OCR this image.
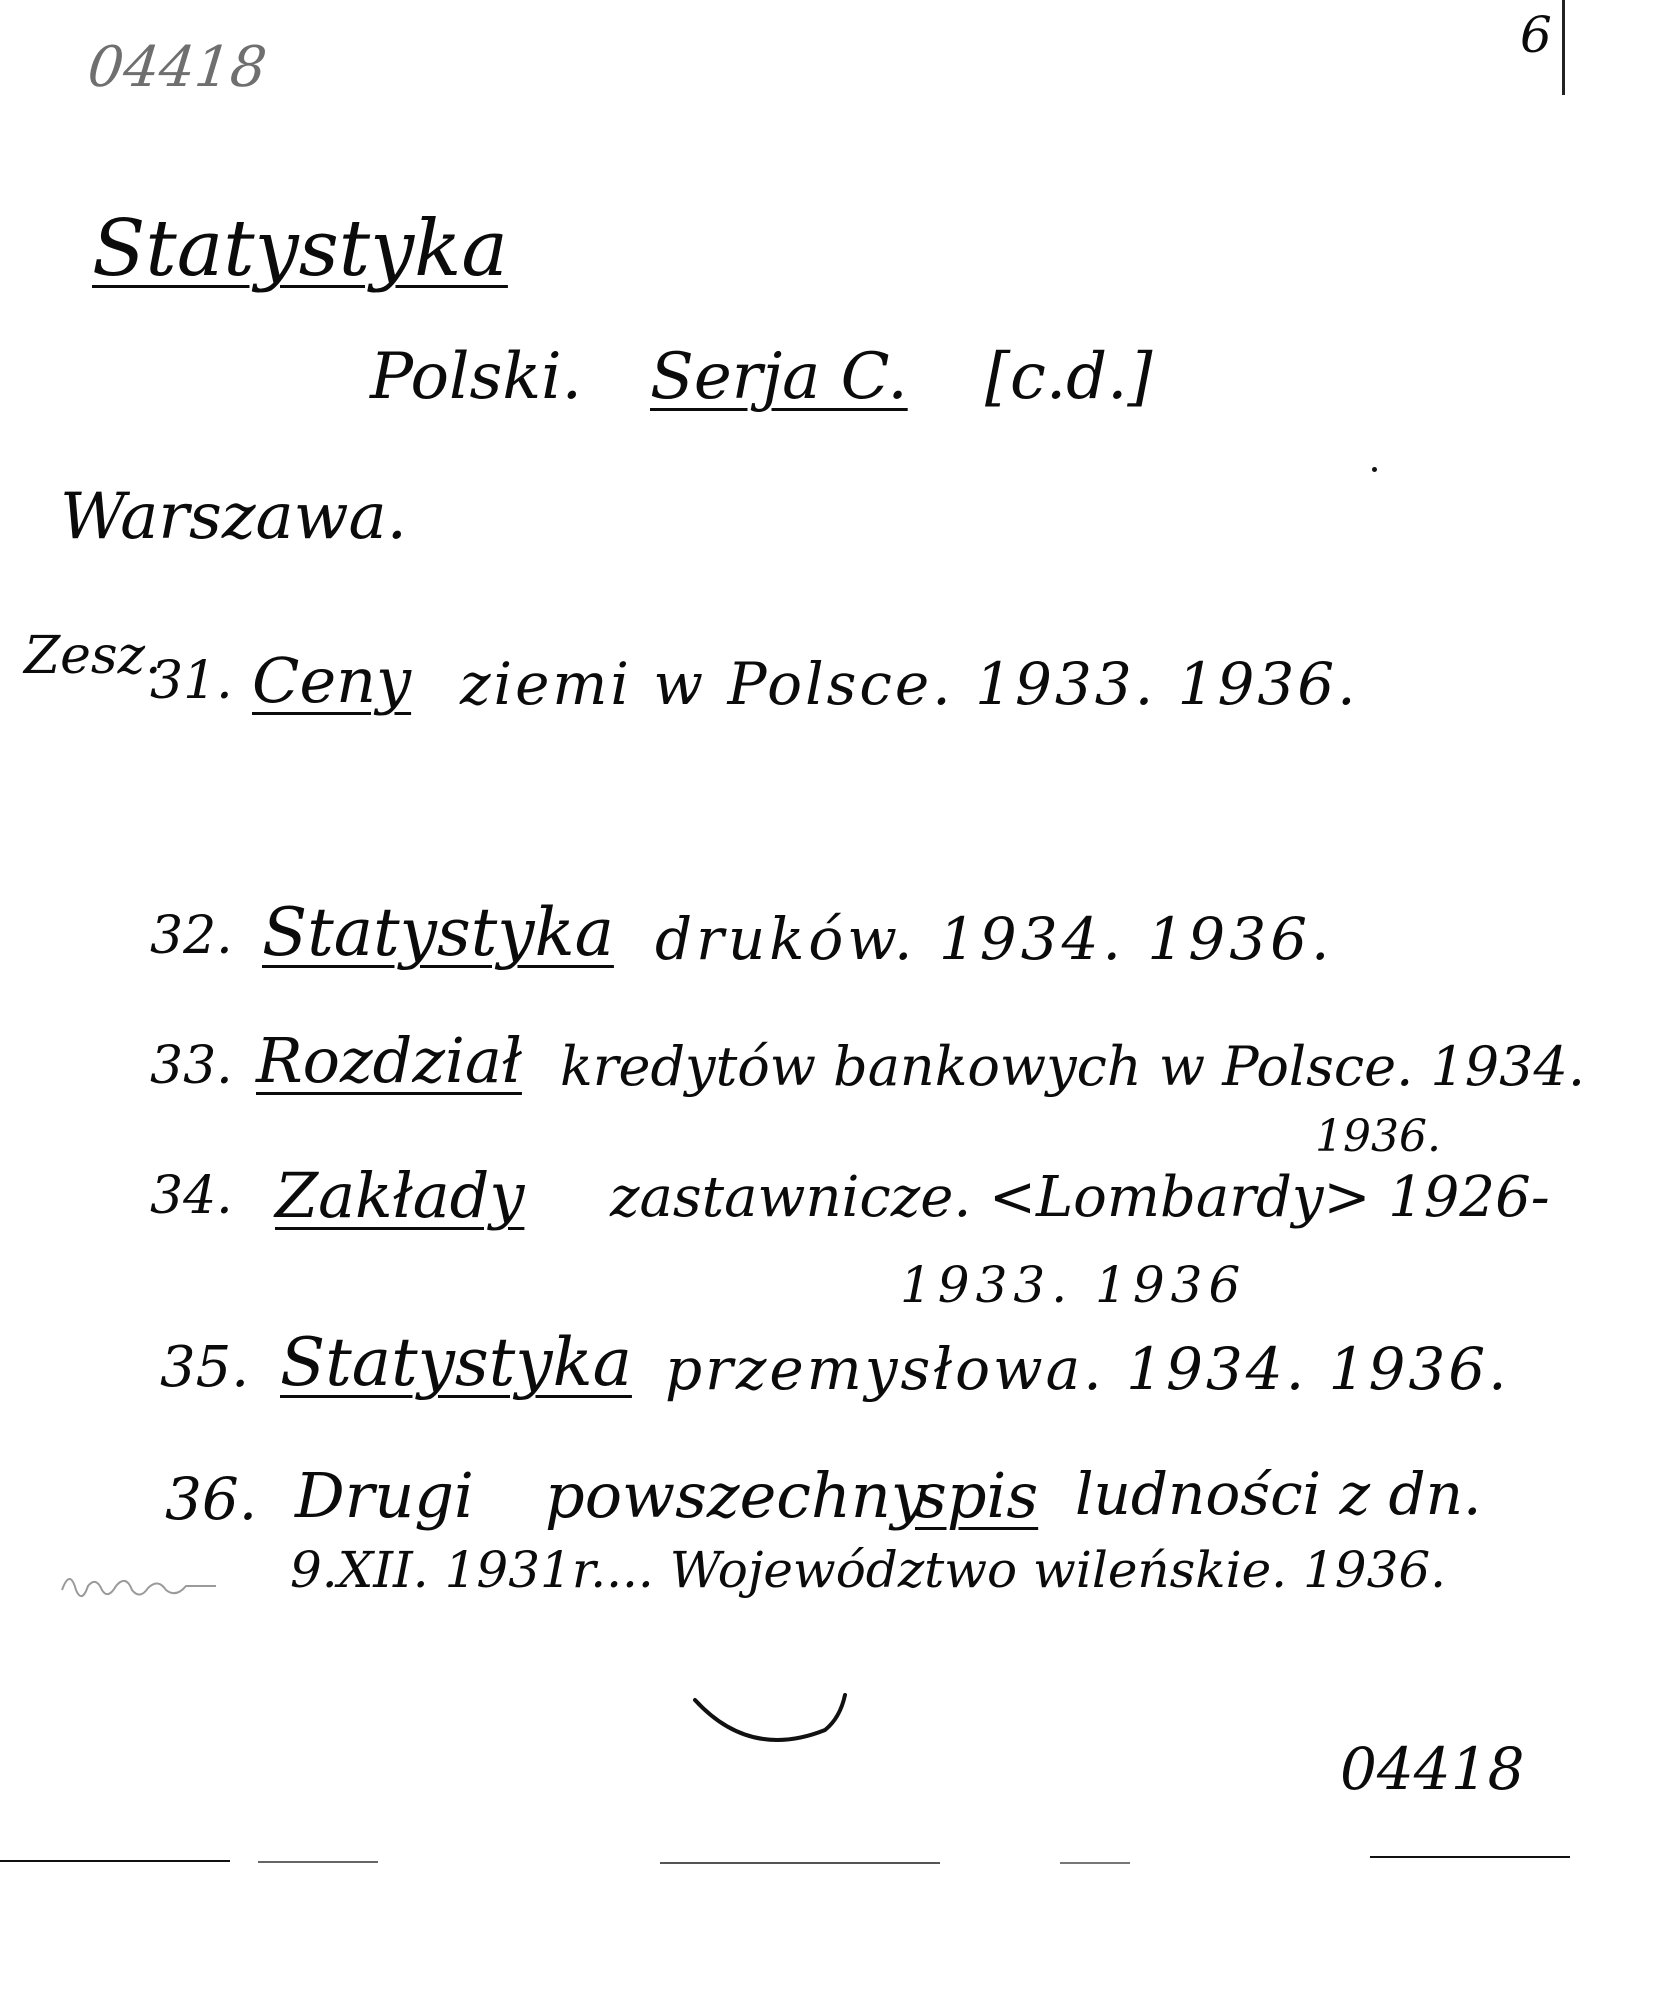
04418	6
Statystyka
Polski. Serja C. [c.d.]
Warszawa.
Zesz.
31. Ceny ziemi w Polsce. 1933. 1936.
32. Statystyka druków. 1934. 1936.
33. Rozdział kredytów bankowych w Polsce. 1934.
1936.
34. Zakłady zastawnicze. <Lombardy> 1926-
1933. 1936
35. Statystyka przemysłowa. 1934. 1936.
36. Drugi powszechny
spis ludności z dn.
9.XII. 1931r.... Województwo wileńskie. 1936.
04418
